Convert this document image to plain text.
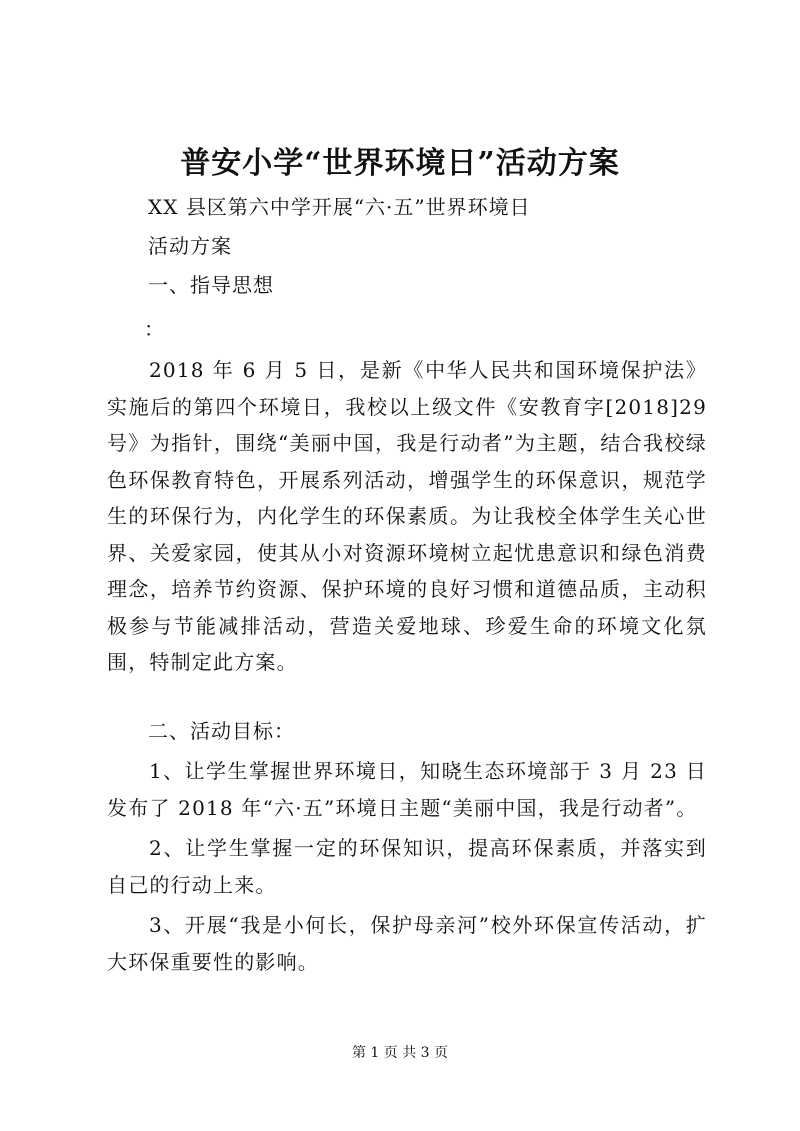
普安小学“世界环境日”活动方案
XX 县区第六中学开展“六·五”世界环境日
活动方案
一、指导思想
：

2018 年 6 月 5 日，是新《中华人民共和国环境保护法》实施后的第四个环境日，我校以上级文件《安教育字[2018]29 号》为指针，围绕“美丽中国，我是行动者”为主题，结合我校绿色环保教育特色，开展系列活动，增强学生的环保意识，规范学生的环保行为，内化学生的环保素质。为让我校全体学生关心世界、关爱家园，使其从小对资源环境树立起忧患意识和绿色消费理念，培养节约资源、保护环境的良好习惯和道德品质，主动积极参与节能减排活动，营造关爱地球、珍爱生命的环境文化氛围，特制定此方案。

二、活动目标：

1、让学生掌握世界环境日，知晓生态环境部于 3 月 23 日发布了 2018 年“六·五”环境日主题“美丽中国，我是行动者”。

2、让学生掌握一定的环保知识，提高环保素质，并落实到自己的行动上来。

3、开展“我是小何长，保护母亲河”校外环保宣传活动，扩大环保重要性的影响。

第 1 页 共 3 页
